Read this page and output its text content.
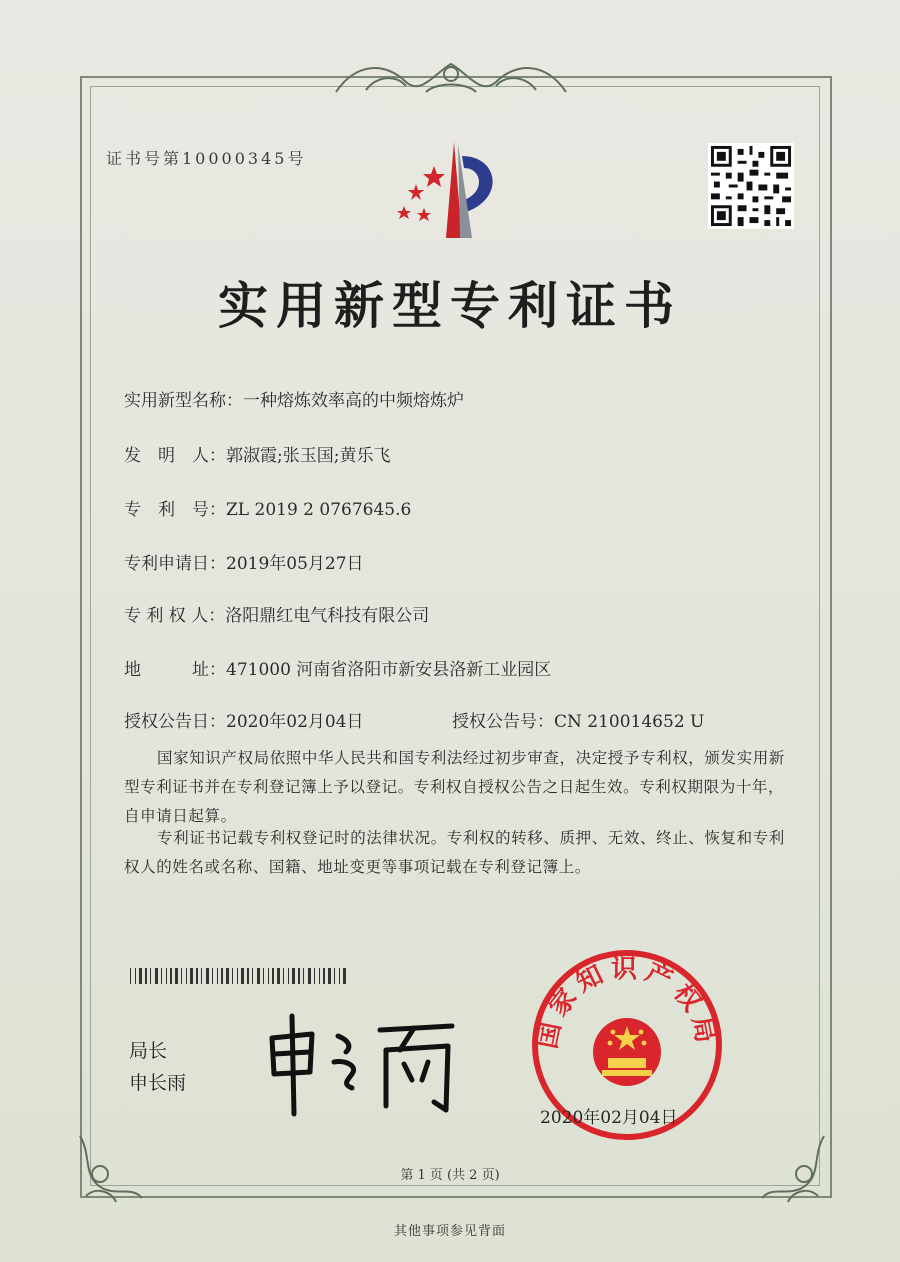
证书号第10000345号
实用新型专利证书
实用新型名称：一种熔炼效率高的中频熔炼炉
发　明　人：郭淑霞;张玉国;黄乐飞
专　利　号：ZL 2019 2 0767645.6
专利申请日：2019年05月27日
专 利 权 人：洛阳鼎红电气科技有限公司
地　　　址：471000 河南省洛阳市新安县洛新工业园区
授权公告日：2020年02月04日	授权公告号：CN 210014652 U

国家知识产权局依照中华人民共和国专利法经过初步审查，决定授予专利权，颁发实用新型专利证书并在专利登记簿上予以登记。专利权自授权公告之日起生效。专利权期限为十年，自申请日起算。

专利证书记载专利权登记时的法律状况。专利权的转移、质押、无效、终止、恢复和专利权人的姓名或名称、国籍、地址变更等事项记载在专利登记簿上。

局长
申长雨
国家知识产权局
2020年02月04日
第 1 页 (共 2 页)
其他事项参见背面
